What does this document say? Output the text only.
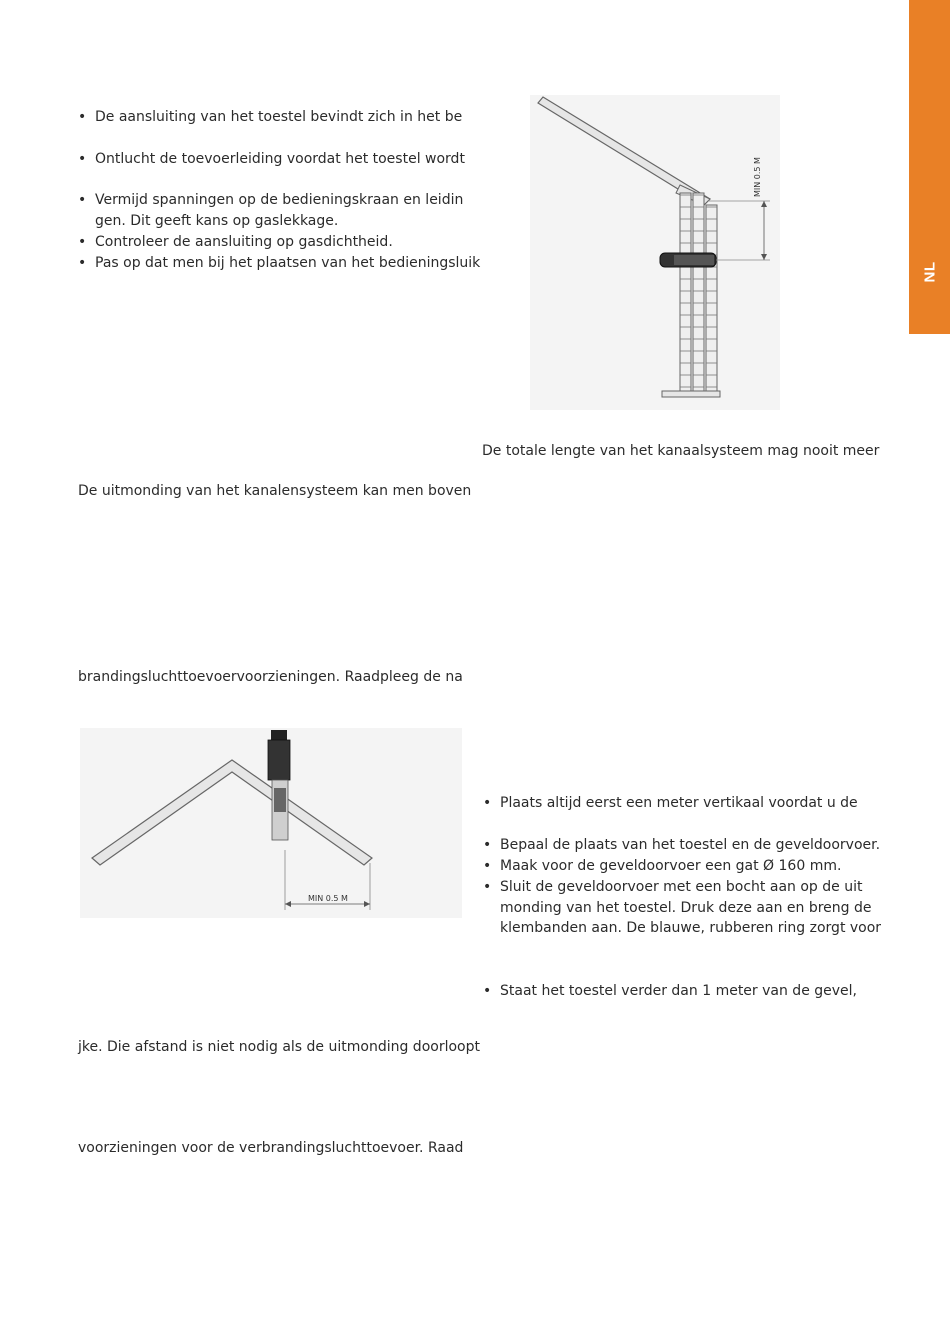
NL
• De aansluiting van het toestel bevindt zich in het be
• Ontlucht de toevoerleiding voordat het toestel wordt
• Vermijd spanningen op de bedieningskraan en leidin
gen. Dit geeft kans op gaslekkage.
• Controleer de aansluiting op gasdichtheid.
• Pas op dat men bij het plaatsen van het bedieningsluik
De uitmonding van het kanalensysteem kan men boven
brandingsluchttoevoervoorzieningen. Raadpleeg de na
jke. Die afstand is niet nodig als de uitmonding doorloopt
voorzieningen voor de verbrandingsluchttoevoer. Raad
De totale lengte van het kanaalsysteem mag nooit meer
• Plaats altijd eerst een meter vertikaal voordat u de
• Bepaal de plaats van het toestel en de geveldoorvoer.
• Maak voor de geveldoorvoer een gat Ø 160 mm.
• Sluit de geveldoorvoer met een bocht aan op de uit
monding van het toestel. Druk deze aan en breng de
klembanden aan. De blauwe, rubberen ring zorgt voor
• Staat het toestel verder dan 1 meter van de gevel,
MIN 0.5 M
MIN 0.5 M
